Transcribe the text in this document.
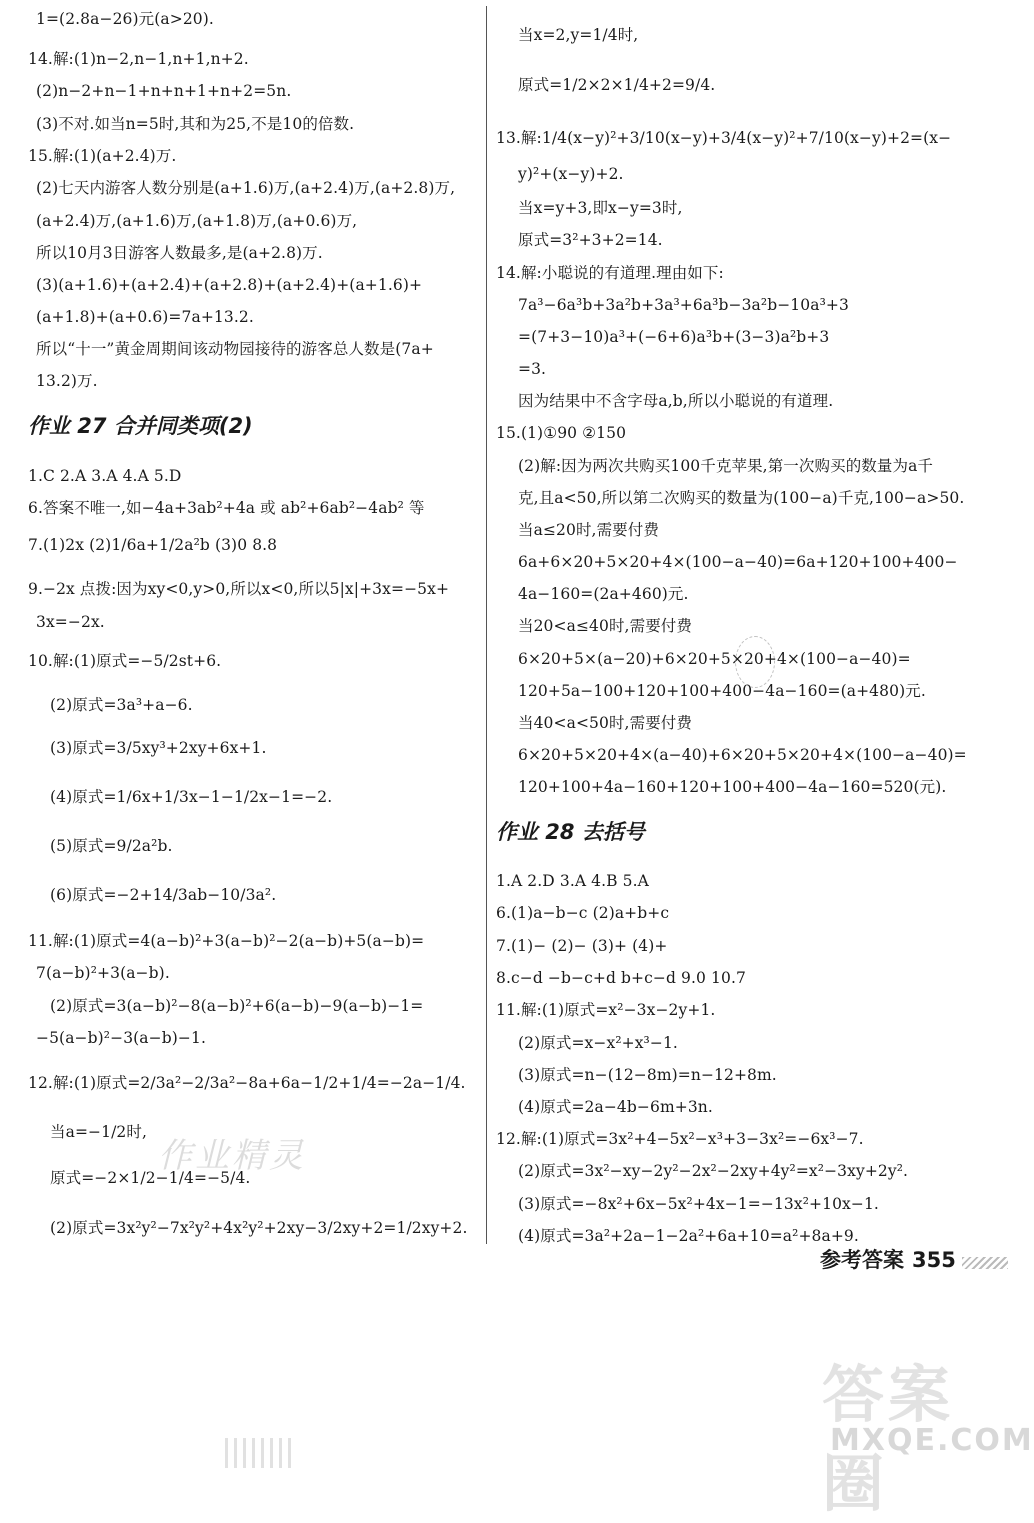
1=(2.8a−26)元(a>20).
14.解:(1)n−2,n−1,n+1,n+2.
(2)n−2+n−1+n+n+1+n+2=5n.
(3)不对.如当n=5时,其和为25,不是10的倍数.
15.解:(1)(a+2.4)万.
(2)七天内游客人数分别是(a+1.6)万,(a+2.4)万,(a+2.8)万,
(a+2.4)万,(a+1.6)万,(a+1.8)万,(a+0.6)万,
所以10月3日游客人数最多,是(a+2.8)万.
(3)(a+1.6)+(a+2.4)+(a+2.8)+(a+2.4)+(a+1.6)+
(a+1.8)+(a+0.6)=7a+13.2.
所以“十一”黄金周期间该动物园接待的游客总人数是(7a+
13.2)万.
作业 27 合并同类项(2)
1.C 2.A 3.A 4.A 5.D
6.答案不唯一,如−4a+3ab²+4a 或 ab²+6ab²−4ab² 等
7.(1)2x (2)1/6a+1/2a²b (3)0 8.8
9.−2x 点拨:因为xy<0,y>0,所以x<0,所以5|x|+3x=−5x+
3x=−2x.
10.解:(1)原式=−5/2st+6.
(2)原式=3a³+a−6.
(3)原式=3/5xy³+2xy+6x+1.
(4)原式=1/6x+1/3x−1−1/2x−1=−2.
(5)原式=9/2a²b.
(6)原式=−2+14/3ab−10/3a².
11.解:(1)原式=4(a−b)²+3(a−b)²−2(a−b)+5(a−b)=
7(a−b)²+3(a−b).
(2)原式=3(a−b)²−8(a−b)²+6(a−b)−9(a−b)−1=
−5(a−b)²−3(a−b)−1.
12.解:(1)原式=2/3a²−2/3a²−8a+6a−1/2+1/4=−2a−1/4.
当a=−1/2时,
原式=−2×1/2−1/4=−5/4.
(2)原式=3x²y²−7x²y²+4x²y²+2xy−3/2xy+2=1/2xy+2.
当x=2,y=1/4时,
原式=1/2×2×1/4+2=9/4.
13.解:1/4(x−y)²+3/10(x−y)+3/4(x−y)²+7/10(x−y)+2=(x−
y)²+(x−y)+2.
当x=y+3,即x−y=3时,
原式=3²+3+2=14.
14.解:小聪说的有道理.理由如下:
7a³−6a³b+3a²b+3a³+6a³b−3a²b−10a³+3
=(7+3−10)a³+(−6+6)a³b+(3−3)a²b+3
=3.
因为结果中不含字母a,b,所以小聪说的有道理.
15.(1)①90 ②150
(2)解:因为两次共购买100千克苹果,第一次购买的数量为a千
克,且a<50,所以第二次购买的数量为(100−a)千克,100−a>50.
当a≤20时,需要付费
6a+6×20+5×20+4×(100−a−40)=6a+120+100+400−
4a−160=(2a+460)元.
当20<a≤40时,需要付费
6×20+5×(a−20)+6×20+5×20+4×(100−a−40)=
120+5a−100+120+100+400−4a−160=(a+480)元.
当40<a<50时,需要付费
6×20+5×20+4×(a−40)+6×20+5×20+4×(100−a−40)=
120+100+4a−160+120+100+400−4a−160=520(元).
作业 28 去括号
1.A 2.D 3.A 4.B 5.A
6.(1)a−b−c (2)a+b+c
7.(1)− (2)− (3)+ (4)+
8.c−d −b−c+d b+c−d 9.0 10.7
11.解:(1)原式=x²−3x−2y+1.
(2)原式=x−x²+x³−1.
(3)原式=n−(12−8m)=n−12+8m.
(4)原式=2a−4b−6m+3n.
12.解:(1)原式=3x²+4−5x²−x³+3−3x²=−6x³−7.
(2)原式=3x²−xy−2y²−2x²−2xy+4y²=x²−3xy+2y².
(3)原式=−8x²+6x−5x²+4x−1=−13x²+10x−1.
(4)原式=3a²+2a−1−2a²+6a+10=a²+8a+9.
作业精灵
参考答案 355
答案圈
MXQE.COM
